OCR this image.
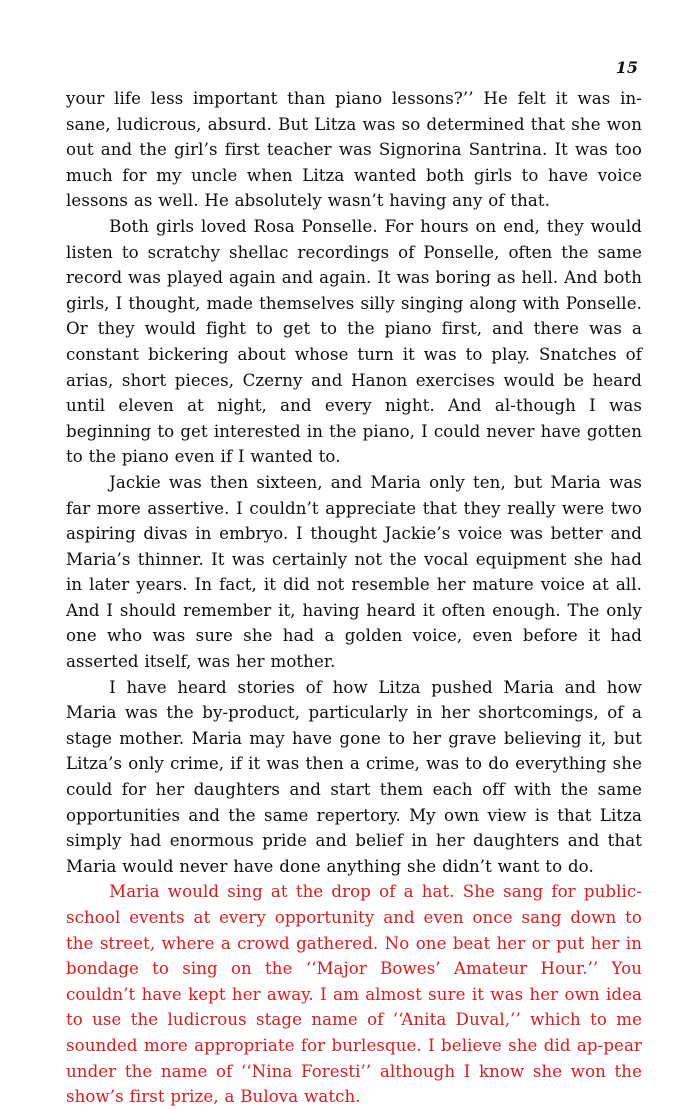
15

your life less important than piano lessons?’’ He felt it was in-sane, ludicrous, absurd. But Litza was so determined that she won out and the girl’s first teacher was Signorina Santrina. It was too much for my uncle when Litza wanted both girls to have voice lessons as well. He absolutely wasn’t having any of that.

Both girls loved Rosa Ponselle. For hours on end, they would listen to scratchy shellac recordings of Ponselle, often the same record was played again and again. It was boring as hell. And both girls, I thought, made themselves silly singing along with Ponselle. Or they would fight to get to the piano first, and there was a constant bickering about whose turn it was to play. Snatches of arias, short pieces, Czerny and Hanon exercises would be heard until eleven at night, and every night. And al-though I was beginning to get interested in the piano, I could never have gotten to the piano even if I wanted to.

Jackie was then sixteen, and Maria only ten, but Maria was far more assertive. I couldn’t appreciate that they really were two aspiring divas in embryo. I thought Jackie’s voice was better and Maria’s thinner. It was certainly not the vocal equipment she had in later years. In fact, it did not resemble her mature voice at all. And I should remember it, having heard it often enough. The only one who was sure she had a golden voice, even before it had asserted itself, was her mother.

I have heard stories of how Litza pushed Maria and how Maria was the by-product, particularly in her shortcomings, of a stage mother. Maria may have gone to her grave believing it, but Litza’s only crime, if it was then a crime, was to do everything she could for her daughters and start them each off with the same opportunities and the same repertory. My own view is that Litza simply had enormous pride and belief in her daughters and that Maria would never have done anything she didn’t want to do.

Maria would sing at the drop of a hat. She sang for public-school events at every opportunity and even once sang down to the street, where a crowd gathered. No one beat her or put her in bondage to sing on the ‘‘Major Bowes’ Amateur Hour.’’ You couldn’t have kept her away. I am almost sure it was her own idea to use the ludicrous stage name of ‘‘Anita Duval,’’ which to me sounded more appropriate for burlesque. I believe she did ap-pear under the name of ‘‘Nina Foresti’’ although I know she won the show’s first prize, a Bulova watch.
